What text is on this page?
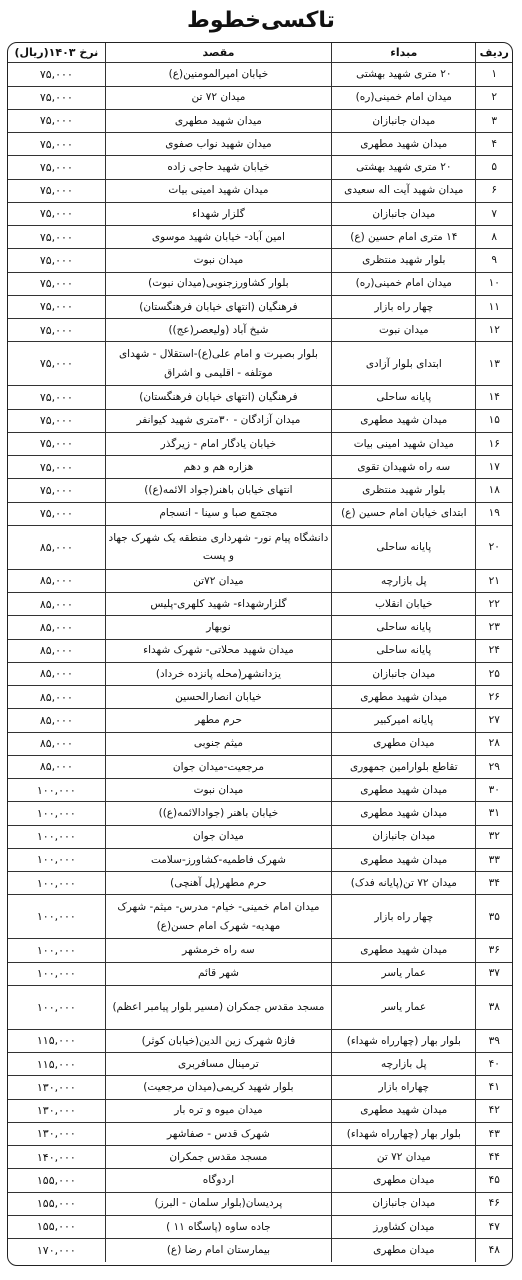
تاکسی‌خطوط
ردیف	مبداء	مقصد	نرخ ۱۴۰۳(ریال)
۱	۲۰ متری شهید بهشتی	خیابان امیرالمومنین(ع)	۷۵,۰۰۰
۲	میدان امام خمینی(ره)	میدان ۷۲ تن	۷۵,۰۰۰
۳	میدان جانبازان	میدان شهید مطهری	۷۵,۰۰۰
۴	میدان شهید مطهری	میدان شهید نواب صفوی	۷۵,۰۰۰
۵	۲۰ متری شهید بهشتی	خیابان شهید حاجی زاده	۷۵,۰۰۰
۶	میدان شهید آیت اله سعیدی	میدان شهید امینی بیات	۷۵,۰۰۰
۷	میدان جانبازان	گلزار شهداء	۷۵,۰۰۰
۸	۱۴ متری امام حسین (ع)	امین آباد- خیابان شهید موسوی	۷۵,۰۰۰
۹	بلوار شهید منتظری	میدان نبوت	۷۵,۰۰۰
۱۰	میدان امام خمینی(ره)	بلوار کشاورزجنوبی(میدان نبوت)	۷۵,۰۰۰
۱۱	چهار راه بازار	فرهنگیان (انتهای خیابان فرهنگستان)	۷۵,۰۰۰
۱۲	میدان نبوت	شیخ آباد (ولیعصر(عج))	۷۵,۰۰۰
۱۳	ابتدای بلوار آزادی	بلوار بصیرت و امام علی(ع)-استقلال - شهدای موتلفه - اقلیمی و اشراق	۷۵,۰۰۰
۱۴	پایانه ساحلی	فرهنگیان (انتهای خیابان فرهنگستان)	۷۵,۰۰۰
۱۵	میدان شهید مطهری	میدان آزادگان - ۳۰متری شهید کیوانفر	۷۵,۰۰۰
۱۶	میدان شهید امینی بیات	خیابان یادگار امام - زیرگذر	۷۵,۰۰۰
۱۷	سه راه شهیدان تقوی	هزاره هم و دهم	۷۵,۰۰۰
۱۸	بلوار شهید منتظری	انتهای خیابان باهنر(جواد الائمه(ع))	۷۵,۰۰۰
۱۹	ابتدای خیابان امام حسین (ع)	مجتمع صبا و سینا - انسجام	۷۵,۰۰۰
۲۰	پایانه ساحلی	دانشگاه پیام نور- شهرداری منطقه یک شهرک جهاد و پست	۸۵,۰۰۰
۲۱	پل بازارچه	میدان ۷۲تن	۸۵,۰۰۰
۲۲	خیابان انقلاب	گلزارشهداء- شهید کلهری-پلیس	۸۵,۰۰۰
۲۳	پایانه ساحلی	نوبهار	۸۵,۰۰۰
۲۴	پایانه ساحلی	میدان شهید محلاتی- شهرک شهداء	۸۵,۰۰۰
۲۵	میدان جانبازان	یزدانشهر(محله پانزده خرداد)	۸۵,۰۰۰
۲۶	میدان شهید مطهری	خیابان انصارالحسین	۸۵,۰۰۰
۲۷	پایانه امیرکبیر	حرم مطهر	۸۵,۰۰۰
۲۸	میدان مطهری	میثم جنوبی	۸۵,۰۰۰
۲۹	تقاطع بلوارامین جمهوری	مرجعیت-میدان جوان	۸۵,۰۰۰
۳۰	میدان شهید مطهری	میدان نبوت	۱۰۰,۰۰۰
۳۱	میدان شهید مطهری	خیابان باهنر (جوادالائمه(ع))	۱۰۰,۰۰۰
۳۲	میدان جانبازان	میدان جوان	۱۰۰,۰۰۰
۳۳	میدان شهید مطهری	شهرک فاطمیه-کشاورز-سلامت	۱۰۰,۰۰۰
۳۴	میدان ۷۲ تن(پایانه فدک)	حرم مطهر(پل آهنچی)	۱۰۰,۰۰۰
۳۵	چهار راه بازار	میدان امام خمینی- خیام- مدرس- میثم- شهرک مهدیه- شهرک امام حسن(ع)	۱۰۰,۰۰۰
۳۶	میدان شهید مطهری	سه راه خرمشهر	۱۰۰,۰۰۰
۳۷	عمار یاسر	شهر قائم	۱۰۰,۰۰۰
۳۸	عمار یاسر	مسجد مقدس جمکران (مسیر بلوار پیامبر اعظم)	۱۰۰,۰۰۰
۳۹	بلوار بهار (چهارراه شهداء)	فاز۵ شهرک زین الدین(خیابان کوثر)	۱۱۵,۰۰۰
۴۰	پل بازارچه	ترمینال مسافربری	۱۱۵,۰۰۰
۴۱	چهاراه بازار	بلوار شهید کریمی(میدان مرجعیت)	۱۳۰,۰۰۰
۴۲	میدان شهید مطهری	میدان میوه و تره بار	۱۳۰,۰۰۰
۴۳	بلوار بهار (چهارراه شهداء)	شهرک قدس - صفاشهر	۱۳۰,۰۰۰
۴۴	میدان ۷۲ تن	مسجد مقدس جمکران	۱۴۰,۰۰۰
۴۵	میدان مطهری	اردوگاه	۱۵۵,۰۰۰
۴۶	میدان جانبازان	پردیسان(بلوار سلمان - البرز)	۱۵۵,۰۰۰
۴۷	میدان کشاورز	جاده ساوه (پاسگاه ۱۱ )	۱۵۵,۰۰۰
۴۸	میدان مطهری	بیمارستان امام رضا (ع)	۱۷۰,۰۰۰
